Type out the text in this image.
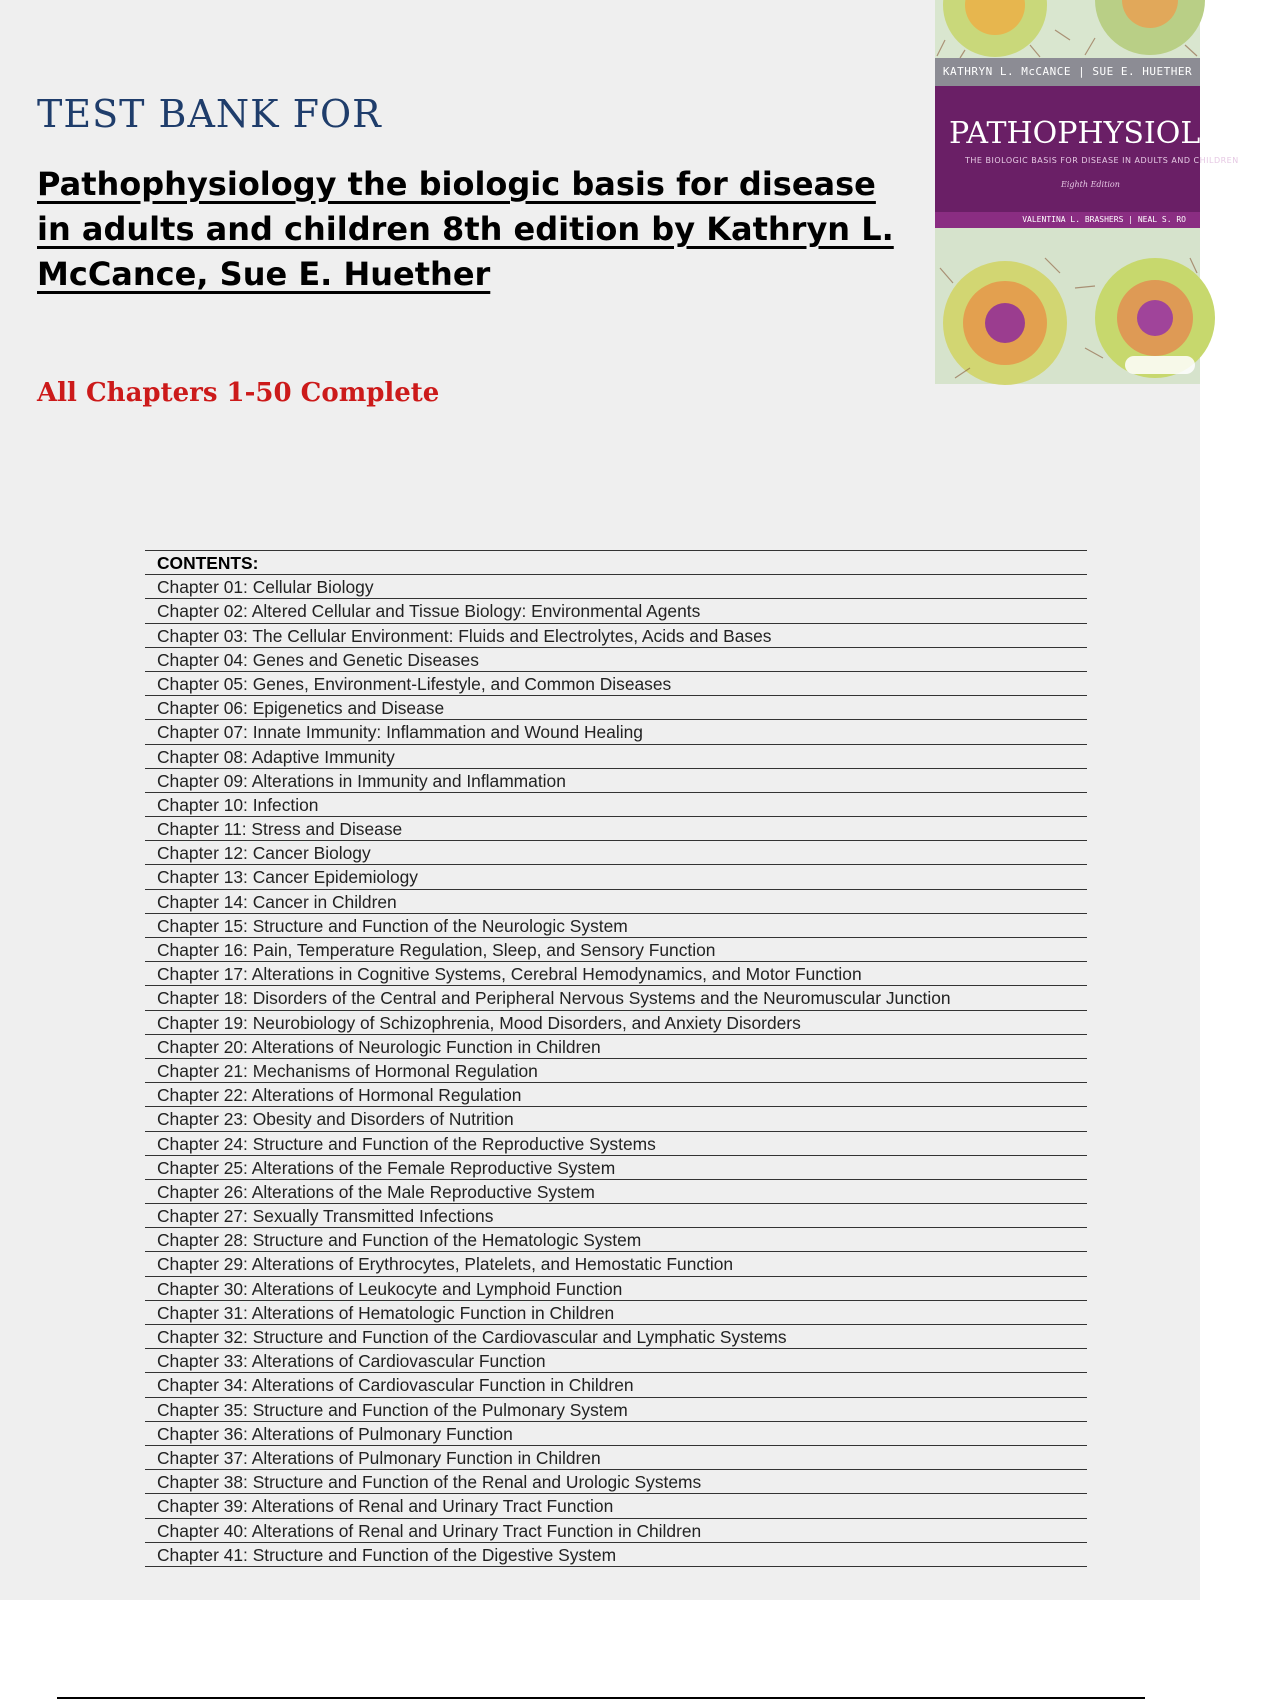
TEST BANK FOR

Pathophysiology the biologic basis for disease in adults and children 8th edition by Kathryn L. McCance, Sue E. Huether

All Chapters 1-50 Complete
KATHRYN L. McCANCE | SUE E. HUETHER
PATHOPHYSIOLOGY
THE BIOLOGIC BASIS FOR DISEASE IN ADULTS AND CHILDREN
Eighth Edition
VALENTINA L. BRASHERS | NEAL S. RO
CONTENTS:
Chapter 01: Cellular Biology
Chapter 02: Altered Cellular and Tissue Biology: Environmental Agents
Chapter 03: The Cellular Environment: Fluids and Electrolytes, Acids and Bases
Chapter 04: Genes and Genetic Diseases
Chapter 05: Genes, Environment-Lifestyle, and Common Diseases
Chapter 06: Epigenetics and Disease
Chapter 07: Innate Immunity: Inflammation and Wound Healing
Chapter 08: Adaptive Immunity
Chapter 09: Alterations in Immunity and Inflammation
Chapter 10: Infection
Chapter 11: Stress and Disease
Chapter 12: Cancer Biology
Chapter 13: Cancer Epidemiology
Chapter 14: Cancer in Children
Chapter 15: Structure and Function of the Neurologic System
Chapter 16: Pain, Temperature Regulation, Sleep, and Sensory Function
Chapter 17: Alterations in Cognitive Systems, Cerebral Hemodynamics, and Motor Function
Chapter 18: Disorders of the Central and Peripheral Nervous Systems and the Neuromuscular Junction
Chapter 19: Neurobiology of Schizophrenia, Mood Disorders, and Anxiety Disorders
Chapter 20: Alterations of Neurologic Function in Children
Chapter 21: Mechanisms of Hormonal Regulation
Chapter 22: Alterations of Hormonal Regulation
Chapter 23: Obesity and Disorders of Nutrition
Chapter 24: Structure and Function of the Reproductive Systems
Chapter 25: Alterations of the Female Reproductive System
Chapter 26: Alterations of the Male Reproductive System
Chapter 27: Sexually Transmitted Infections
Chapter 28: Structure and Function of the Hematologic System
Chapter 29: Alterations of Erythrocytes, Platelets, and Hemostatic Function
Chapter 30: Alterations of Leukocyte and Lymphoid Function
Chapter 31: Alterations of Hematologic Function in Children
Chapter 32: Structure and Function of the Cardiovascular and Lymphatic Systems
Chapter 33: Alterations of Cardiovascular Function
Chapter 34: Alterations of Cardiovascular Function in Children
Chapter 35: Structure and Function of the Pulmonary System
Chapter 36: Alterations of Pulmonary Function
Chapter 37: Alterations of Pulmonary Function in Children
Chapter 38: Structure and Function of the Renal and Urologic Systems
Chapter 39: Alterations of Renal and Urinary Tract Function
Chapter 40: Alterations of Renal and Urinary Tract Function in Children
Chapter 41: Structure and Function of the Digestive System
